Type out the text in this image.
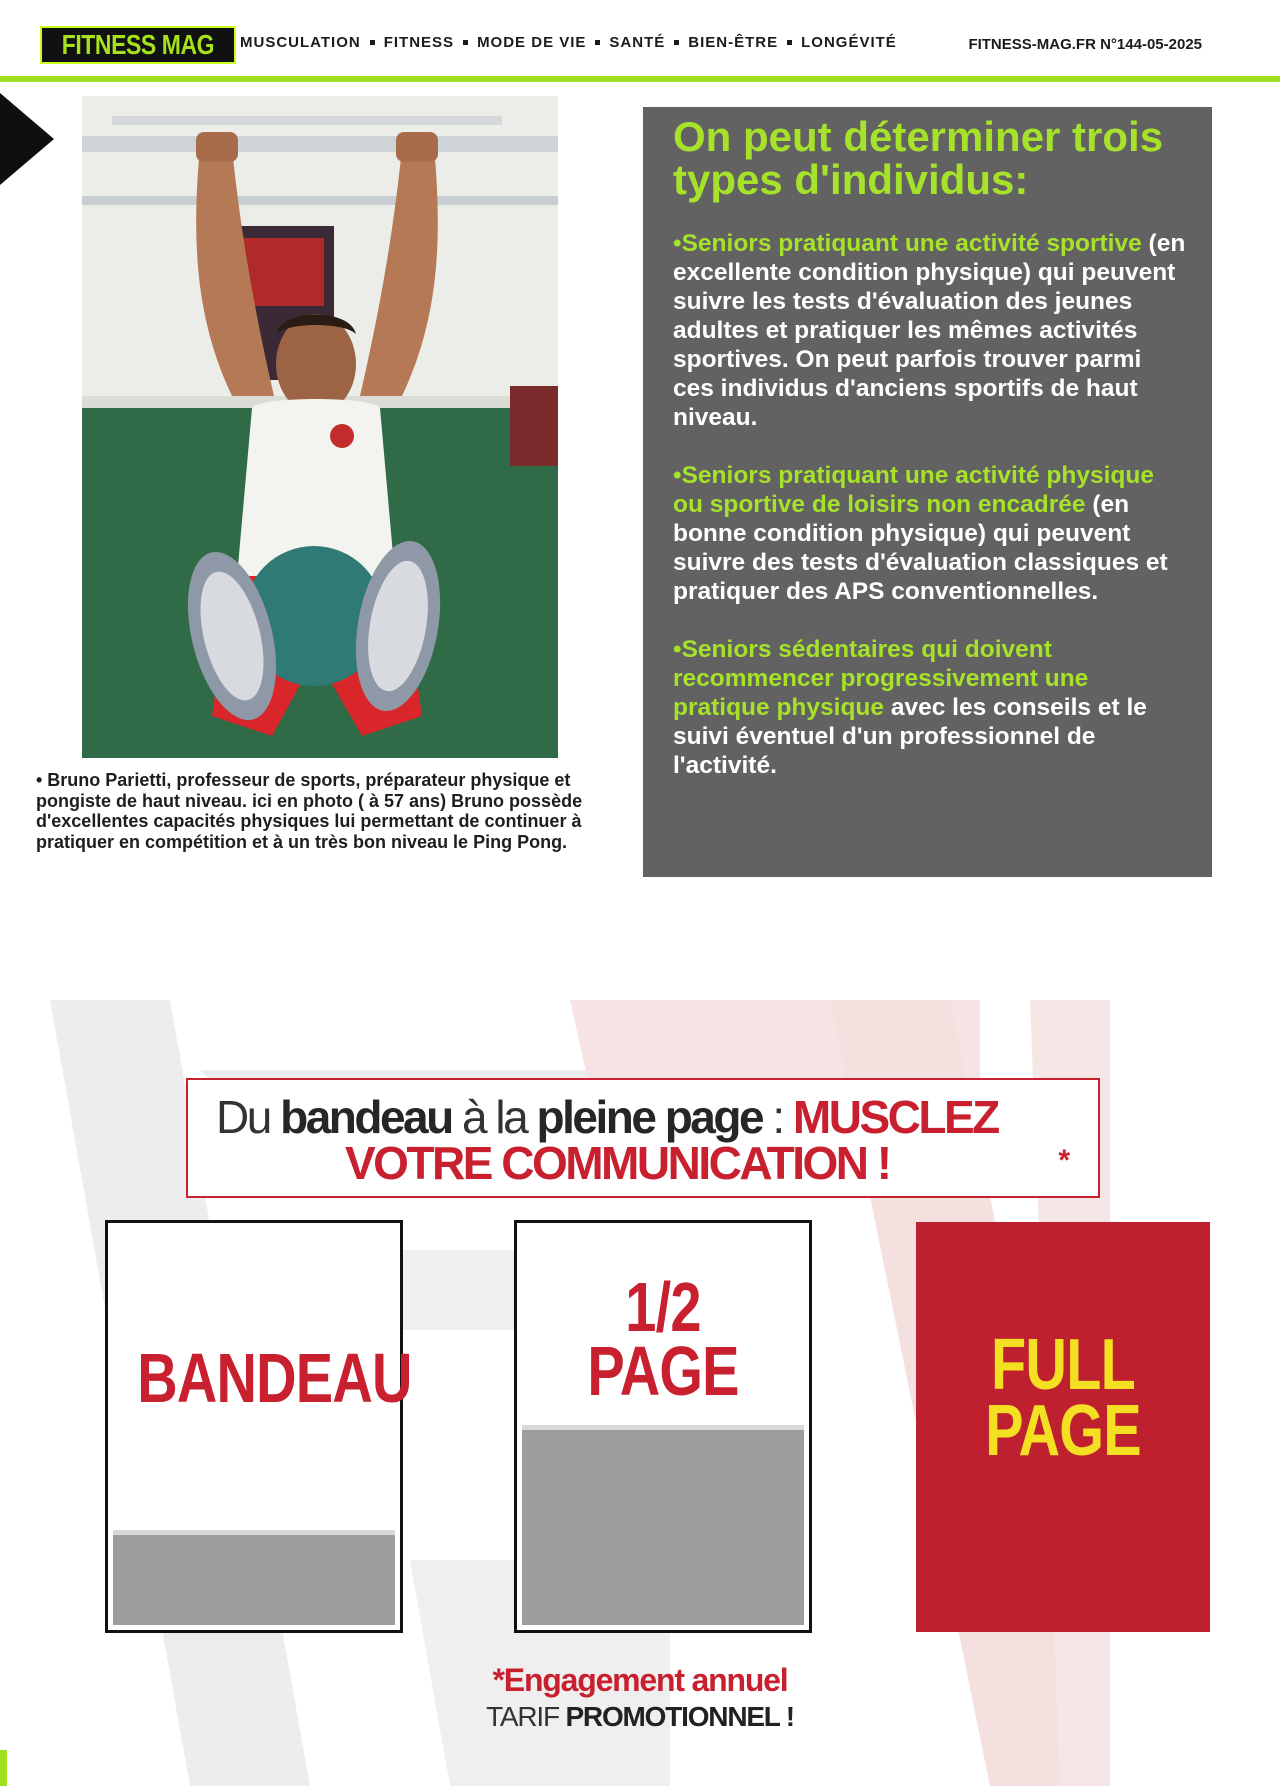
FITNESS MAG MUSCULATION FITNESS MODE DE VIE SANTÉ BIEN-ÊTRE LONGÉVITÉ	FITNESS-MAG.FR N°144-05-2025
• Bruno Parietti, professeur de sports, préparateur physique et pongiste de haut niveau. ici en photo ( à 57 ans) Bruno possède d'excellentes capacités physiques lui permettant de continuer à pratiquer en compétition et à un très bon niveau le Ping Pong.
On peut déterminer trois types d'individus:

•Seniors pratiquant une activité sportive (en excellente condition physique) qui peuvent suivre les tests d'évaluation des jeunes adultes et pratiquer les mêmes activités sportives. On peut parfois trouver parmi ces individus d'anciens sportifs de haut niveau.

•Seniors pratiquant une activité physique ou sportive de loisirs non encadrée (en bonne condition physique) qui peuvent suivre des tests d'évaluation classiques et pratiquer des APS conventionnelles.

•Seniors sédentaires qui doivent recommencer progressivement une pratique physique avec les conseils et le suivi éventuel d'un professionnel de l'activité.

Du bandeau à la pleine page : MUSCLEZ
VOTRE COMMUNICATION !	*
BANDEAU
1/2
PAGE	FULL
PAGE
*Engagement annuel
TARIF PROMOTIONNEL !
